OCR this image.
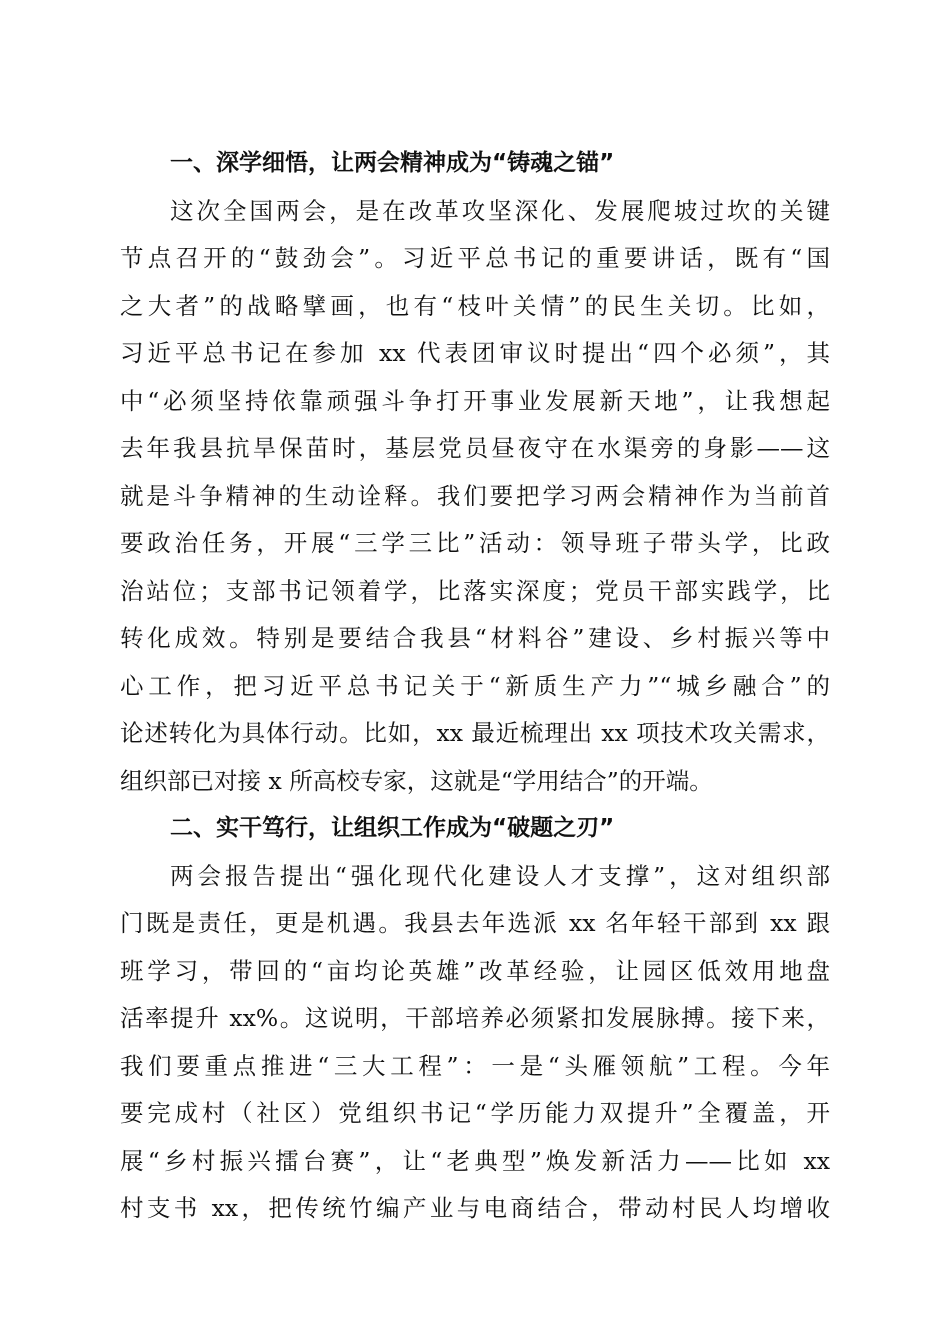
一、深学细悟，让两会精神成为“铸魂之锚”
这次全国两会，是在改革攻坚深化、发展爬坡过坎的关键
节点召开的“鼓劲会”。习近平总书记的重要讲话，既有“国
之大者”的战略擘画，也有“枝叶关情”的民生关切。比如，
习近平总书记在参加 xx 代表团审议时提出“四个必须”，其
中“必须坚持依靠顽强斗争打开事业发展新天地”，让我想起
去年我县抗旱保苗时，基层党员昼夜守在水渠旁的身影——这
就是斗争精神的生动诠释。我们要把学习两会精神作为当前首
要政治任务，开展“三学三比”活动：领导班子带头学，比政
治站位；支部书记领着学，比落实深度；党员干部实践学，比
转化成效。特别是要结合我县“材料谷”建设、乡村振兴等中
心工作，把习近平总书记关于“新质生产力”“城乡融合”的
论述转化为具体行动。比如，xx 最近梳理出 xx 项技术攻关需求，
组织部已对接 x 所高校专家，这就是“学用结合”的开端。
二、实干笃行，让组织工作成为“破题之刃”
两会报告提出“强化现代化建设人才支撑”，这对组织部
门既是责任，更是机遇。我县去年选派 xx 名年轻干部到 xx 跟
班学习，带回的“亩均论英雄”改革经验，让园区低效用地盘
活率提升 xx%。这说明，干部培养必须紧扣发展脉搏。接下来，
我们要重点推进“三大工程”：一是“头雁领航”工程。今年
要完成村（社区）党组织书记“学历能力双提升”全覆盖，开
展“乡村振兴擂台赛”，让“老典型”焕发新活力——比如 xx
村支书 xx，把传统竹编产业与电商结合，带动村民人均增收
